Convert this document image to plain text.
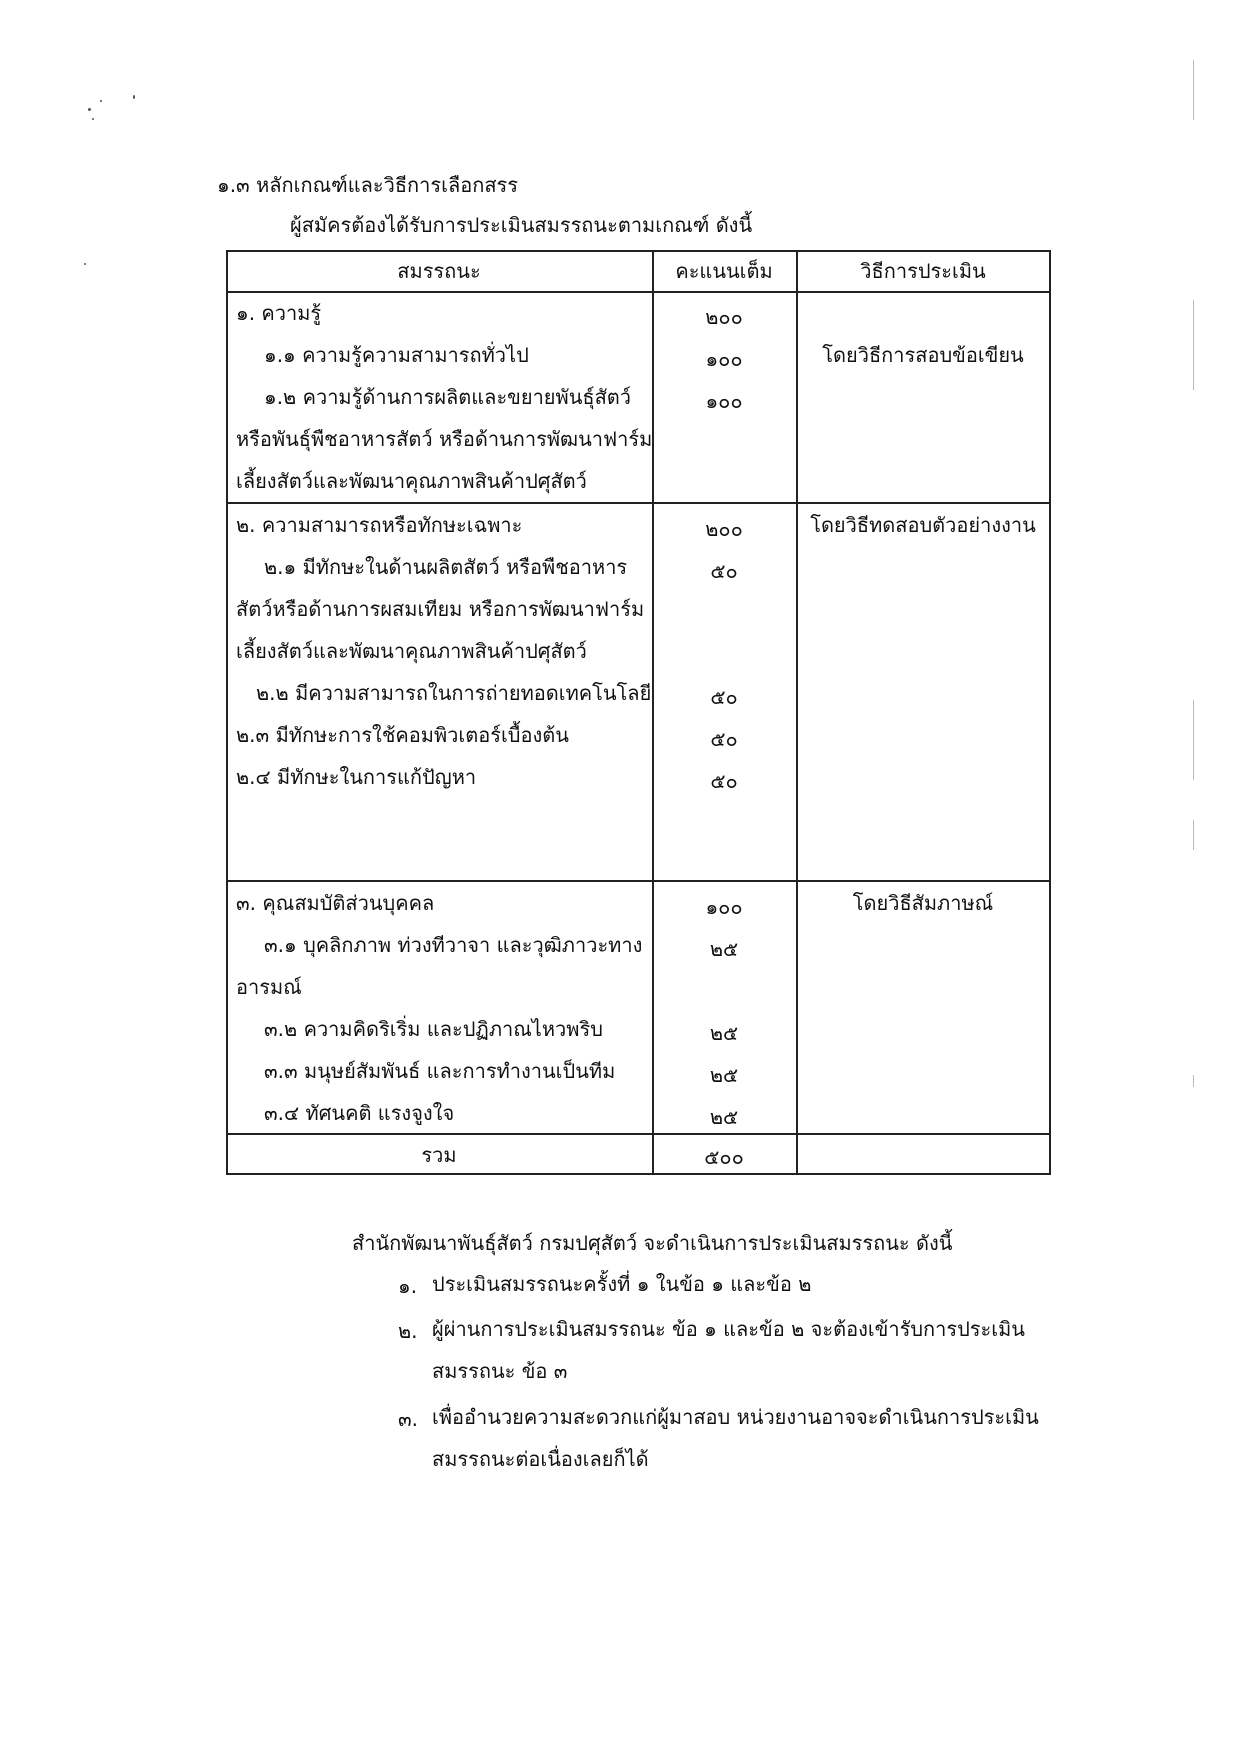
๑.๓ หลักเกณฑ์และวิธีการเลือกสรร
ผู้สมัครต้องได้รับการประเมินสมรรถนะตามเกณฑ์ ดังนี้
สมรรถนะ	คะแนนเต็ม	วิธีการประเมิน
๑. ความรู้	๒๐๐
๑.๑ ความรู้ความสามารถทั่วไป	๑๐๐	โดยวิธีการสอบข้อเขียน
๑.๒ ความรู้ด้านการผลิตและขยายพันธุ์สัตว์	๑๐๐
หรือพันธุ์พืชอาหารสัตว์ หรือด้านการพัฒนาฟาร์ม
เลี้ยงสัตว์และพัฒนาคุณภาพสินค้าปศุสัตว์
๒. ความสามารถหรือทักษะเฉพาะ	๒๐๐	โดยวิธีทดสอบตัวอย่างงาน
๒.๑ มีทักษะในด้านผลิตสัตว์ หรือพืชอาหาร	๕๐
สัตว์หรือด้านการผสมเทียม หรือการพัฒนาฟาร์ม
เลี้ยงสัตว์และพัฒนาคุณภาพสินค้าปศุสัตว์
๒.๒ มีความสามารถในการถ่ายทอดเทคโนโลยี	๕๐
๒.๓ มีทักษะการใช้คอมพิวเตอร์เบื้องต้น	๕๐
๒.๔ มีทักษะในการแก้ปัญหา	๕๐
๓. คุณสมบัติส่วนบุคคล	๑๐๐	โดยวิธีสัมภาษณ์
๓.๑ บุคลิกภาพ ท่วงทีวาจา และวุฒิภาวะทาง	๒๕
อารมณ์
๓.๒ ความคิดริเริ่ม และปฏิภาณไหวพริบ	๒๕
๓.๓ มนุษย์สัมพันธ์ และการทำงานเป็นทีม	๒๕
๓.๔ ทัศนคติ แรงจูงใจ	๒๕
รวม	๕๐๐
สำนักพัฒนาพันธุ์สัตว์ กรมปศุสัตว์ จะดำเนินการประเมินสมรรถนะ ดังนี้
๑. ประเมินสมรรถนะครั้งที่ ๑ ในข้อ ๑ และข้อ ๒
๒. ผู้ผ่านการประเมินสมรรถนะ ข้อ ๑ และข้อ ๒ จะต้องเข้ารับการประเมิน
สมรรถนะ ข้อ ๓
๓. เพื่ออำนวยความสะดวกแก่ผู้มาสอบ หน่วยงานอาจจะดำเนินการประเมิน
สมรรถนะต่อเนื่องเลยก็ได้
